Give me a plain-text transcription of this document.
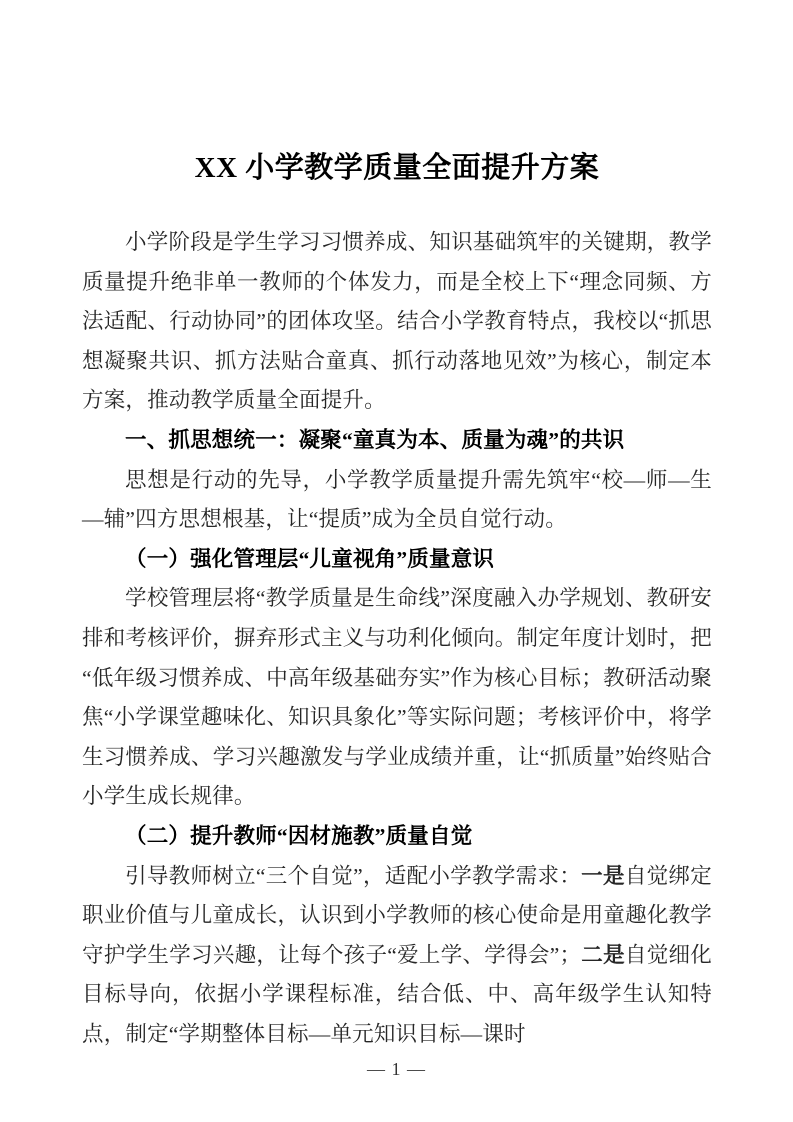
XX 小学教学质量全面提升方案

小学阶段是学生学习习惯养成、知识基础筑牢的关键期，教学质量提升绝非单一教师的个体发力，而是全校上下“理念同频、方法适配、行动协同”的团体攻坚。结合小学教育特点，我校以“抓思想凝聚共识、抓方法贴合童真、抓行动落地见效”为核心，制定本方案，推动教学质量全面提升。

一、抓思想统一：凝聚“童真为本、质量为魂”的共识

思想是行动的先导，小学教学质量提升需先筑牢“校—师—生—辅”四方思想根基，让“提质”成为全员自觉行动。

（一）强化管理层“儿童视角”质量意识

学校管理层将“教学质量是生命线”深度融入办学规划、教研安排和考核评价，摒弃形式主义与功利化倾向。制定年度计划时，把“低年级习惯养成、中高年级基础夯实”作为核心目标；教研活动聚焦“小学课堂趣味化、知识具象化”等实际问题；考核评价中，将学生习惯养成、学习兴趣激发与学业成绩并重，让“抓质量”始终贴合小学生成长规律。

（二）提升教师“因材施教”质量自觉

引导教师树立“三个自觉”，适配小学教学需求：一是自觉绑定职业价值与儿童成长，认识到小学教师的核心使命是用童趣化教学守护学生学习兴趣，让每个孩子“爱上学、学得会”；二是自觉细化目标导向，依据小学课程标准，结合低、中、高年级学生认知特点，制定“学期整体目标—单元知识目标—课时

— 1 —
